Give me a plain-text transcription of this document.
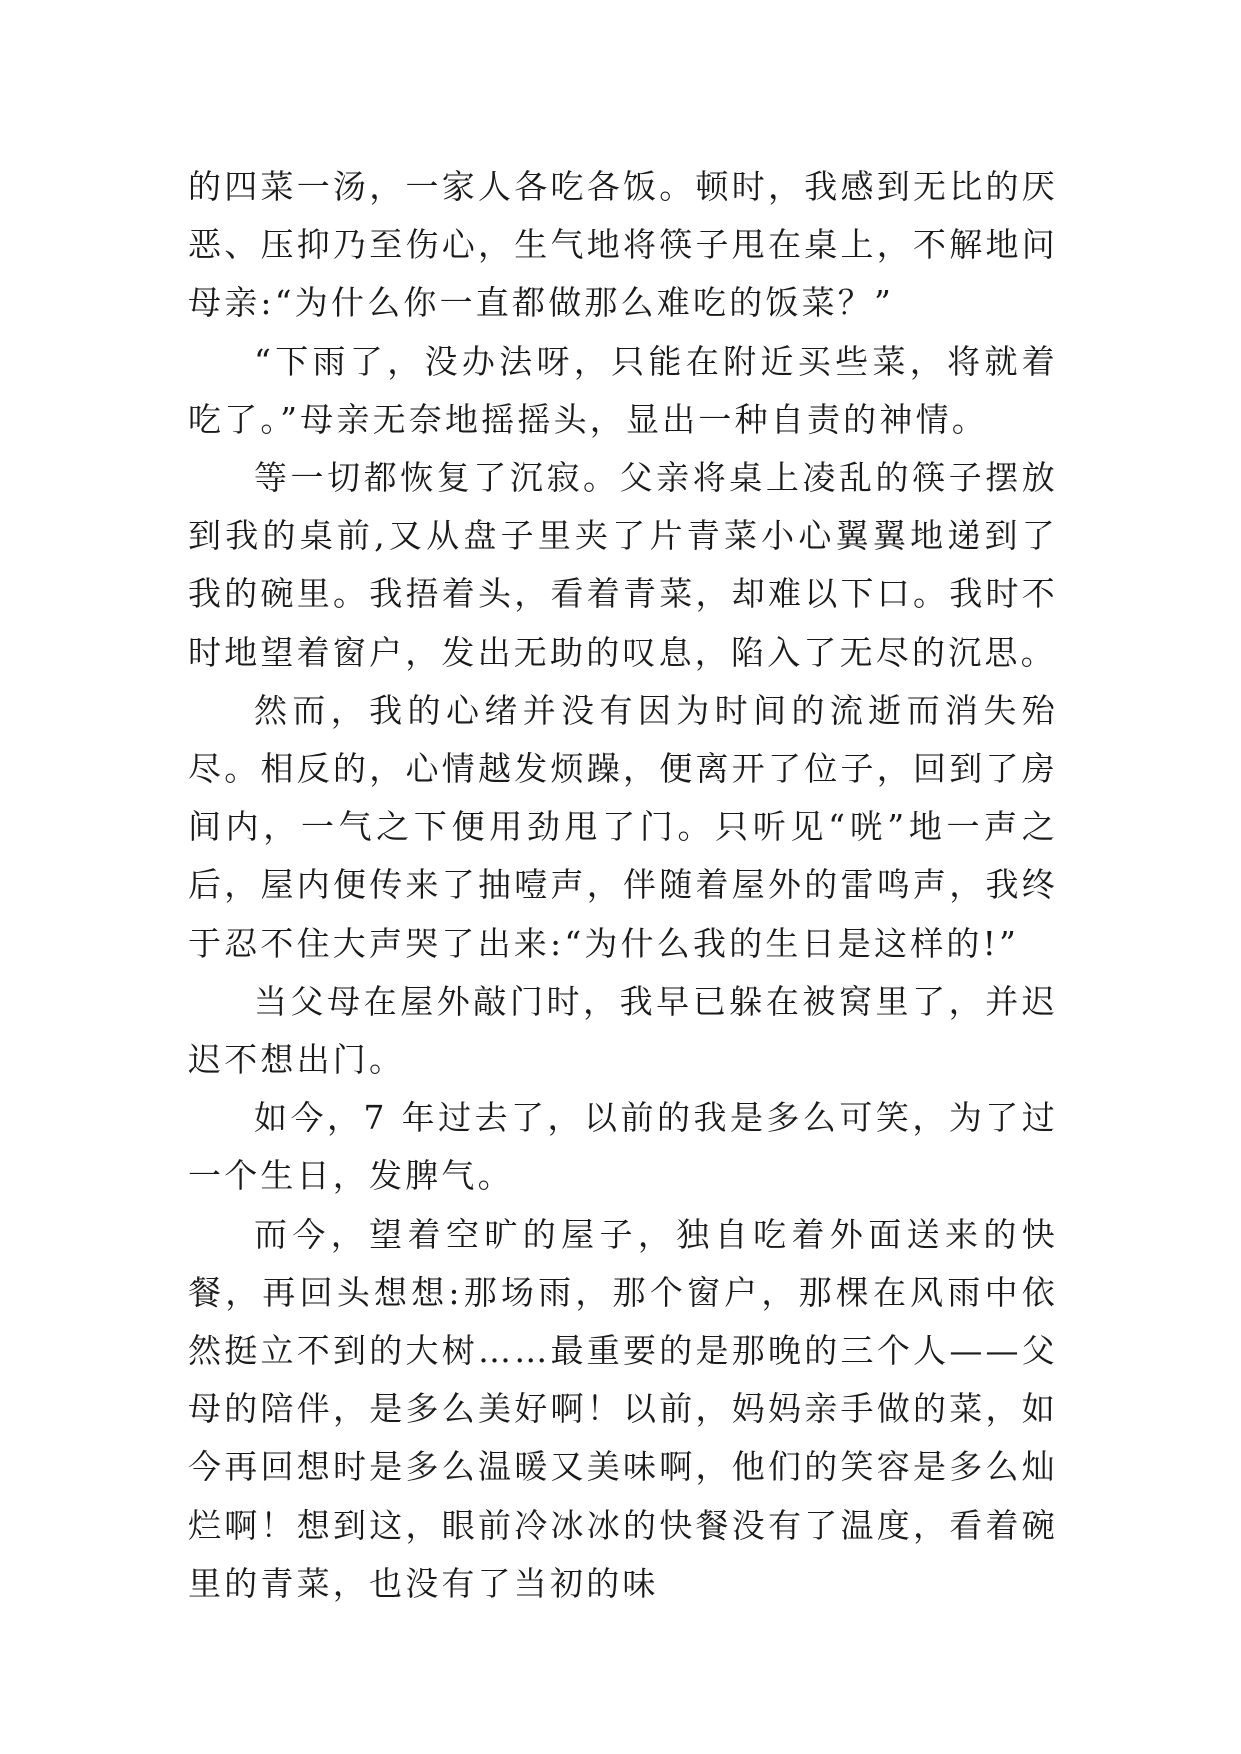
的四菜一汤，一家人各吃各饭。顿时，我感到无比的厌恶、压抑乃至伤心，生气地将筷子甩在桌上，不解地问母亲:“为什么你一直都做那么难吃的饭菜？”

“下雨了，没办法呀，只能在附近买些菜，将就着吃了。”母亲无奈地摇摇头，显出一种自责的神情。

等一切都恢复了沉寂。父亲将桌上凌乱的筷子摆放到我的桌前,又从盘子里夹了片青菜小心翼翼地递到了我的碗里。我捂着头，看着青菜，却难以下口。我时不时地望着窗户，发出无助的叹息，陷入了无尽的沉思。

然而，我的心绪并没有因为时间的流逝而消失殆尽。相反的，心情越发烦躁，便离开了位子，回到了房间内，一气之下便用劲甩了门。只听见“咣”地一声之后，屋内便传来了抽噎声，伴随着屋外的雷鸣声，我终于忍不住大声哭了出来:“为什么我的生日是这样的!”

当父母在屋外敲门时，我早已躲在被窝里了，并迟迟不想出门。

如今，7 年过去了，以前的我是多么可笑，为了过一个生日，发脾气。

而今，望着空旷的屋子，独自吃着外面送来的快餐，再回头想想:那场雨，那个窗户，那棵在风雨中依然挺立不到的大树……最重要的是那晚的三个人——父母的陪伴，是多么美好啊！以前，妈妈亲手做的菜，如今再回想时是多么温暖又美味啊，他们的笑容是多么灿烂啊！想到这，眼前冷冰冰的快餐没有了温度，看着碗里的青菜，也没有了当初的味
